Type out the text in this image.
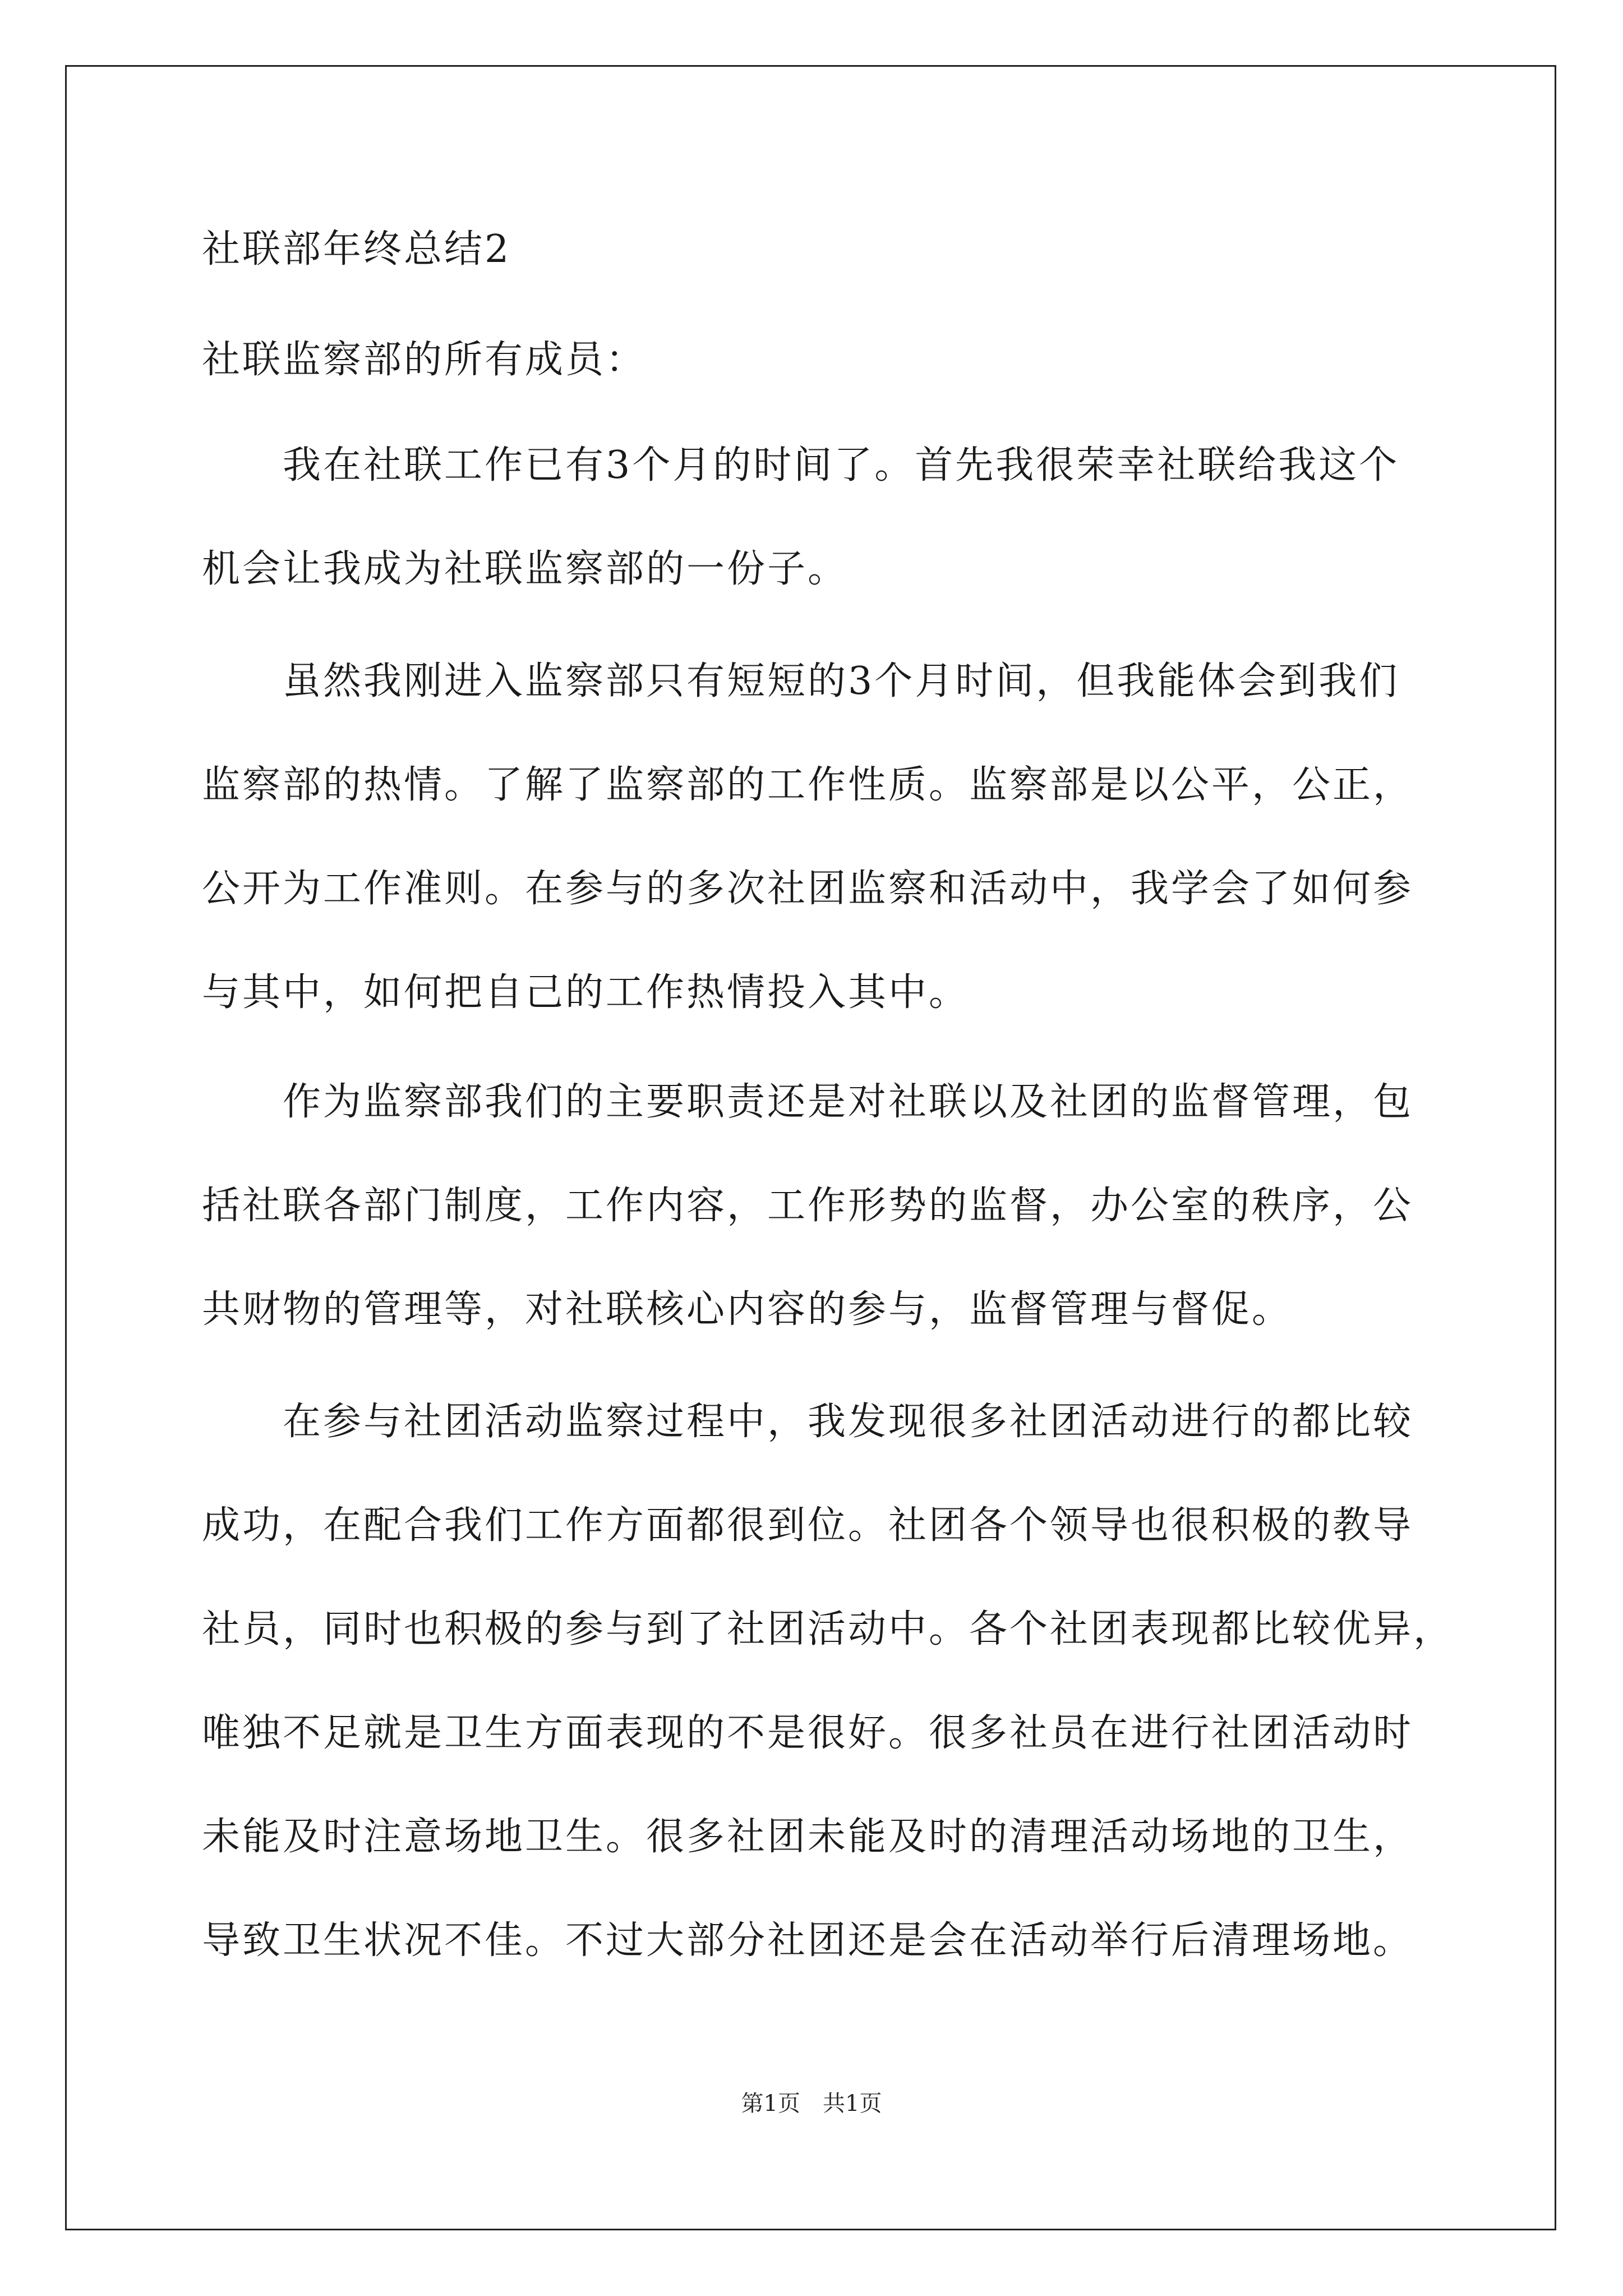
社联部年终总结2
社联监察部的所有成员：
　　我在社联工作已有3个月的时间了。首先我很荣幸社联给我这个
机会让我成为社联监察部的一份子。
　　虽然我刚进入监察部只有短短的3个月时间，但我能体会到我们
监察部的热情。了解了监察部的工作性质。监察部是以公平，公正，
公开为工作准则。在参与的多次社团监察和活动中，我学会了如何参
与其中，如何把自己的工作热情投入其中。
　　作为监察部我们的主要职责还是对社联以及社团的监督管理，包
括社联各部门制度，工作内容，工作形势的监督，办公室的秩序，公
共财物的管理等，对社联核心内容的参与，监督管理与督促。
　　在参与社团活动监察过程中，我发现很多社团活动进行的都比较
成功，在配合我们工作方面都很到位。社团各个领导也很积极的教导
社员，同时也积极的参与到了社团活动中。各个社团表现都比较优异，
唯独不足就是卫生方面表现的不是很好。很多社员在进行社团活动时
未能及时注意场地卫生。很多社团未能及时的清理活动场地的卫生，
导致卫生状况不佳。不过大部分社团还是会在活动举行后清理场地。
第1页　共1页
